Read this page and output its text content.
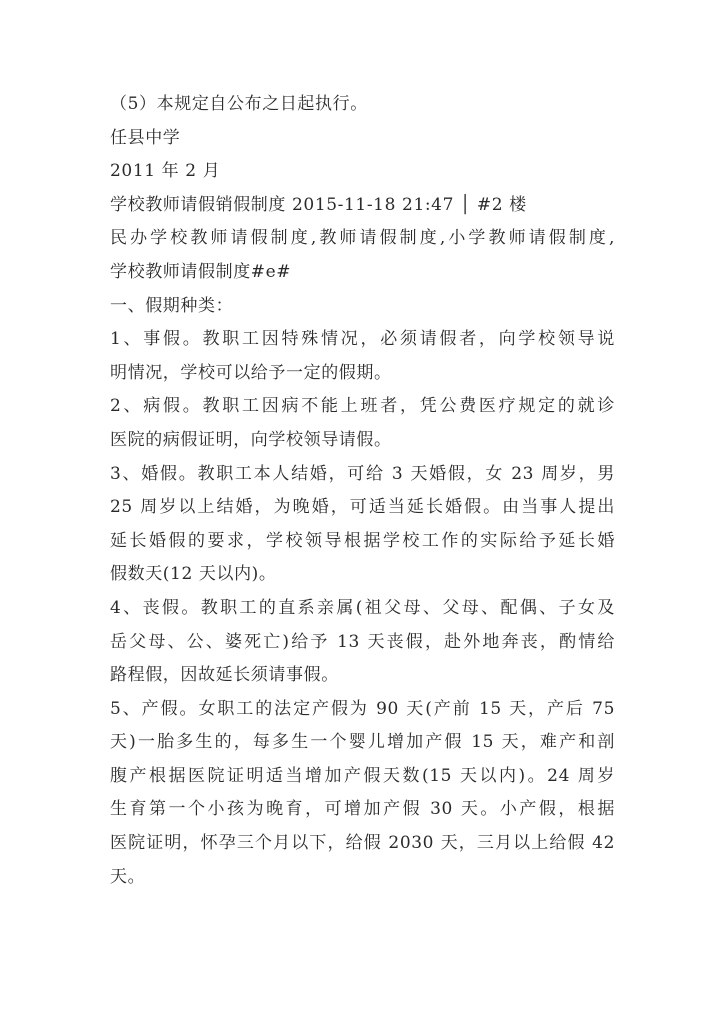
（5）本规定自公布之日起执行。
任县中学
2011 年 2 月
学校教师请假销假制度 2015-11-18 21:47 │ #2 楼
民办学校教师请假制度,教师请假制度,小学教师请假制度,
学校教师请假制度#e#
一、假期种类：
1、事假。教职工因特殊情况，必须请假者，向学校领导说
明情况，学校可以给予一定的假期。
2、病假。教职工因病不能上班者，凭公费医疗规定的就诊
医院的病假证明，向学校领导请假。
3、婚假。教职工本人结婚，可给 3 天婚假，女 23 周岁，男
25 周岁以上结婚，为晚婚，可适当延长婚假。由当事人提出
延长婚假的要求，学校领导根据学校工作的实际给予延长婚
假数天(12 天以内)。
4、丧假。教职工的直系亲属(祖父母、父母、配偶、子女及
岳父母、公、婆死亡)给予 13 天丧假，赴外地奔丧，酌情给
路程假，因故延长须请事假。
5、产假。女职工的法定产假为 90 天(产前 15 天，产后 75
天)一胎多生的，每多生一个婴儿增加产假 15 天，难产和剖
腹产根据医院证明适当增加产假天数(15 天以内)。24 周岁
生育第一个小孩为晚育，可增加产假 30 天。小产假，根据
医院证明，怀孕三个月以下，给假 2030 天，三月以上给假 42
天。
